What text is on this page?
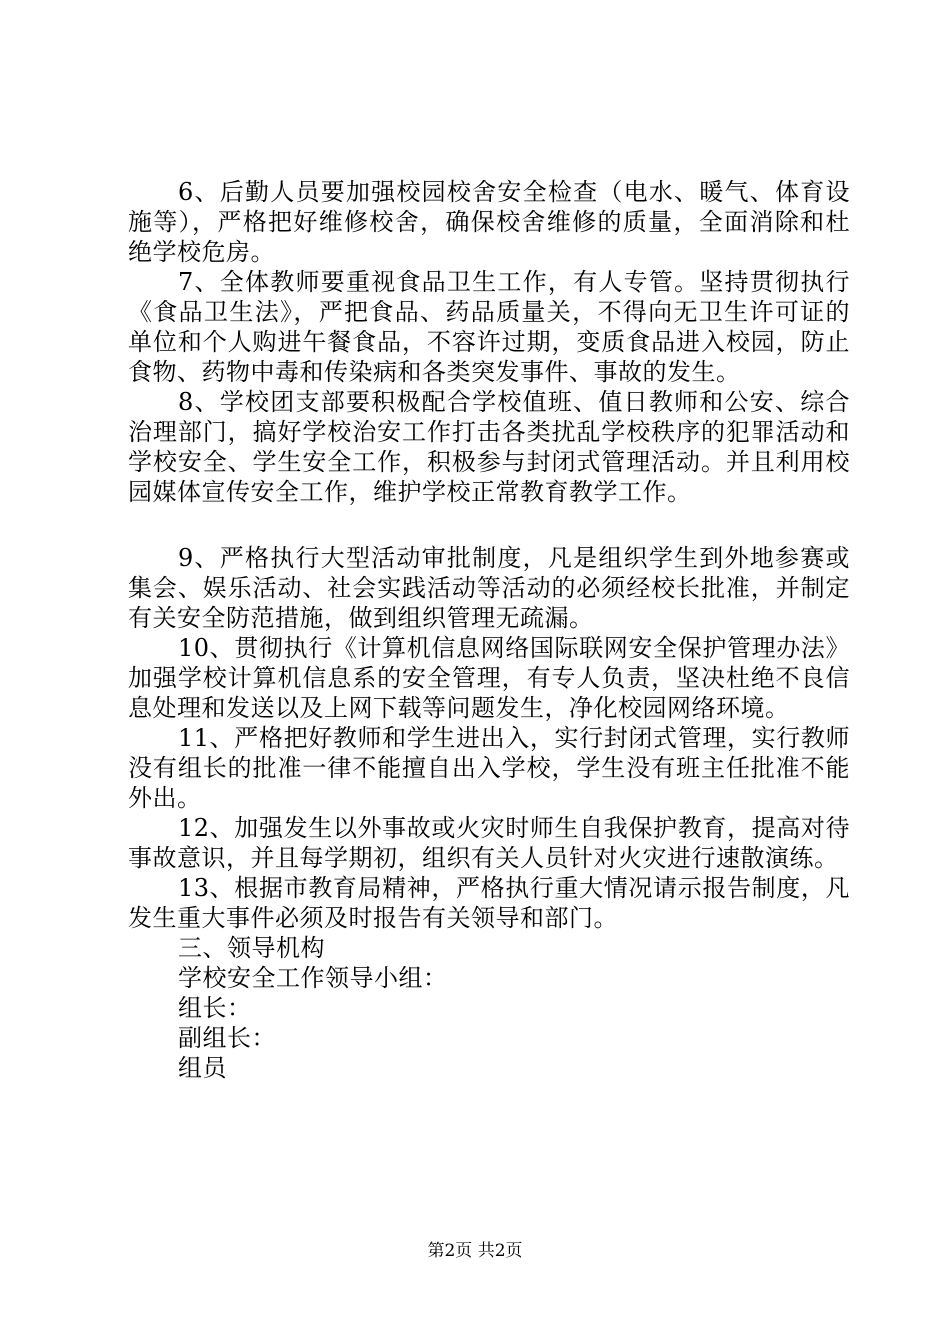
6、后勤人员要加强校园校舍安全检查（电水、暖气、体育设施等），严格把好维修校舍，确保校舍维修的质量，全面消除和杜绝学校危房。

7、全体教师要重视食品卫生工作，有人专管。坚持贯彻执行《食品卫生法》，严把食品、药品质量关，不得向无卫生许可证的单位和个人购进午餐食品，不容许过期，变质食品进入校园，防止食物、药物中毒和传染病和各类突发事件、事故的发生。

8、学校团支部要积极配合学校值班、值日教师和公安、综合治理部门，搞好学校治安工作打击各类扰乱学校秩序的犯罪活动和学校安全、学生安全工作，积极参与封闭式管理活动。并且利用校园媒体宣传安全工作，维护学校正常教育教学工作。

9、严格执行大型活动审批制度，凡是组织学生到外地参赛或集会、娱乐活动、社会实践活动等活动的必须经校长批准，并制定有关安全防范措施，做到组织管理无疏漏。

10、贯彻执行《计算机信息网络国际联网安全保护管理办法》加强学校计算机信息系的安全管理，有专人负责，坚决杜绝不良信息处理和发送以及上网下载等问题发生，净化校园网络环境。

11、严格把好教师和学生进出入，实行封闭式管理，实行教师没有组长的批准一律不能擅自出入学校，学生没有班主任批准不能外出。

12、加强发生以外事故或火灾时师生自我保护教育，提高对待事故意识，并且每学期初，组织有关人员针对火灾进行速散演练。

13、根据市教育局精神，严格执行重大情况请示报告制度，凡发生重大事件必须及时报告有关领导和部门。

三、领导机构

学校安全工作领导小组：

组长：

副组长：

组员

第2页 共2页
